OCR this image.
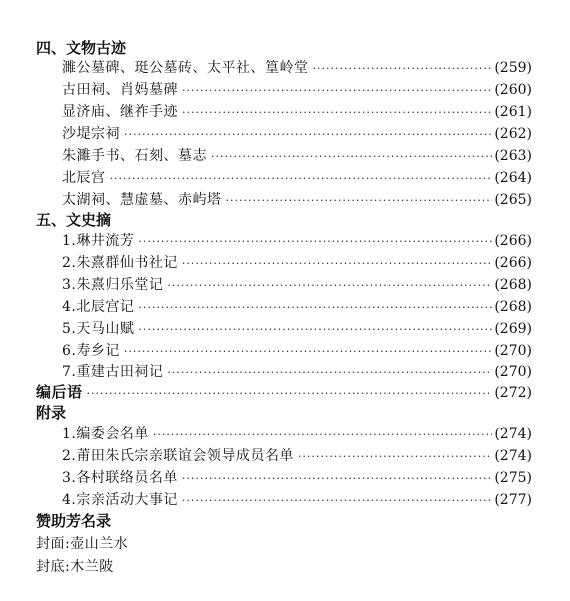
四、文物古迹
濉公墓碑、珽公墓砖、太平社、篁岭堂 ·····	(259)
古田祠、肖妈墓碑 ·····	(260)
显济庙、继祚手迹 ·····	(261)
沙堤宗祠 ·····	(262)
朱濉手书、石刻、墓志 ·····	(263)
北辰宫 ·····	(264)
太湖祠、慧虚墓、赤屿塔 ·····	(265)
五、文史摘
1.琳井流芳 ·····	(266)
2.朱熹群仙书社记 ·····	(266)
3.朱熹归乐堂记 ·····	(268)
4.北辰宫记 ·····	(268)
5.天马山赋 ·····	(269)
6.寿乡记 ·····	(270)
7.重建古田祠记 ·····	(270)
编后语 ·····	(272)
附录
1.编委会名单 ·····	(274)
2.莆田朱氏宗亲联谊会领导成员名单 ·····	(274)
3.各村联络员名单 ·····	(275)
4.宗亲活动大事记 ·····	(277)
赞助芳名录
封面:壶山兰水
封底:木兰陂
